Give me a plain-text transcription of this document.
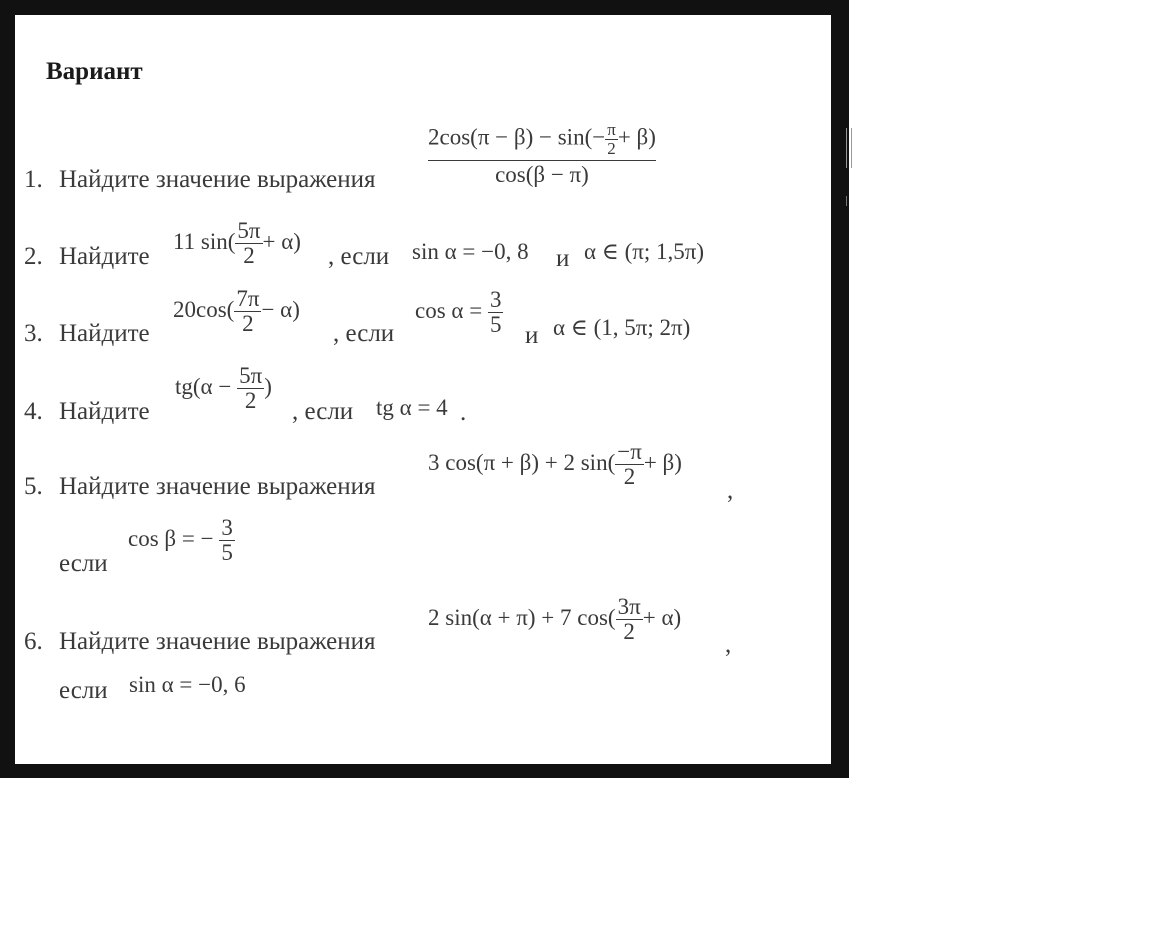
Вариант
1. Найдите значение выражения $\frac{2\cos(\pi - \beta) - \sin(- \frac{\pi}{2} + \beta)}{\cos(\beta - \pi)}$
2. Найдите
11 $\sin( \frac{5\pi}{2} + \alpha)$
, если sin α = −0, 8 и α ∈ (π; 1,5π)
3. Найдите
$20\cos( \frac{7\pi}{2} - \alpha)$
, если
$\cos \alpha = \frac{3}{5}$ и α ∈ (1, 5π; 2π)
4. Найдите
$tg(\alpha - \frac{5\pi}{2}$ )
, если tg α = 4 .
5. Найдите значение выражения
3 cos(π + β) + 2 $\sin( \frac{-\pi}{2} + \beta)$
,
если
cos β = − $\frac{3}{5}$
6. Найдите значение выражения
2 sin(α + π) + 7 $\cos( \frac{3\pi}{2} + \alpha)$
,
если sin α = −0, 6
